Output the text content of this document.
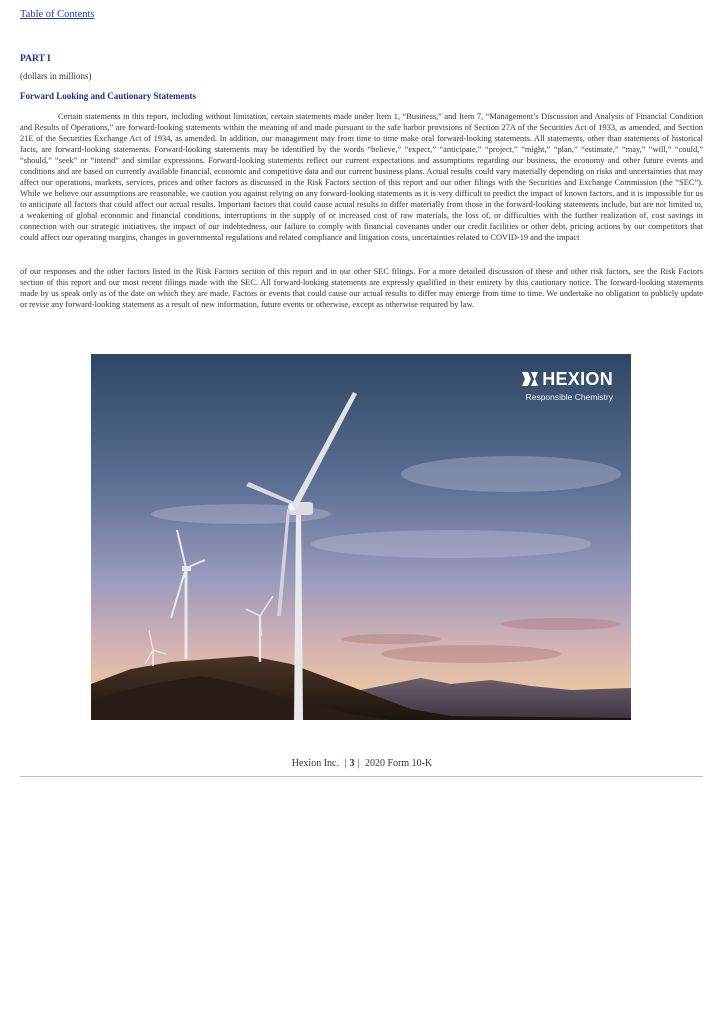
Table of Contents
PART I
(dollars in millions)
Forward Looking and Cautionary Statements

Certain statements in this report, including without limitation, certain statements made under Item 1, “Business,” and Item 7, “Management’s Discussion and Analysis of Financial Condition and Results of Operations,” are forward-looking statements within the meaning of and made pursuant to the safe harbor provisions of Section 27A of the Securities Act of 1933, as amended, and Section 21E of the Securities Exchange Act of 1934, as amended. In addition, our management may from time to time make oral forward-looking statements. All statements, other than statements of historical facts, are forward-looking statements. Forward-looking statements may be identified by the words “believe,” “expect,” “anticipate,” “project,” “might,” “plan,” “estimate,” “may,” “will,” “could,” “should,” “seek” or “intend” and similar expressions. Forward-looking statements reflect our current expectations and assumptions regarding our business, the economy and other future events and conditions and are based on currently available financial, economic and competitive data and our current business plans. Actual results could vary materially depending on risks and uncertainties that may affect our operations, markets, services, prices and other factors as discussed in the Risk Factors section of this report and our other filings with the Securities and Exchange Commission (the “SEC”). While we believe our assumptions are reasonable, we caution you against relying on any forward-looking statements as it is very difficult to predict the impact of known factors, and it is impossible for us to anticipate all factors that could affect our actual results. Important factors that could cause actual results to differ materially from those in the forward-looking statements include, but are not limited to, a weakening of global economic and financial conditions, interruptions in the supply of or increased cost of raw materials, the loss of, or difficulties with the further realization of, cost savings in connection with our strategic initiatives, the impact of our indebtedness, our failure to comply with financial covenants under our credit facilities or other debt, pricing actions by our competitors that could affect our operating margins, changes in governmental regulations and related compliance and litigation costs, uncertainties related to COVID-19 and the impact

of our responses and the other factors listed in the Risk Factors section of this report and in our other SEC filings. For a more detailed discussion of these and other risk factors, see the Risk Factors section of this report and our most recent filings made with the SEC. All forward-looking statements are expressly qualified in their entirety by this cautionary notice. The forward-looking statements made by us speak only as of the date on which they are made. Factors or events that could cause our actual results to differ may emerge from time to time. We undertake no obligation to publicly update or revise any forward-looking statement as a result of new information, future events or otherwise, except as otherwise required by law.

HEXION
Responsible Chemistry
Hexion Inc. | 3 | 2020 Form 10-K
